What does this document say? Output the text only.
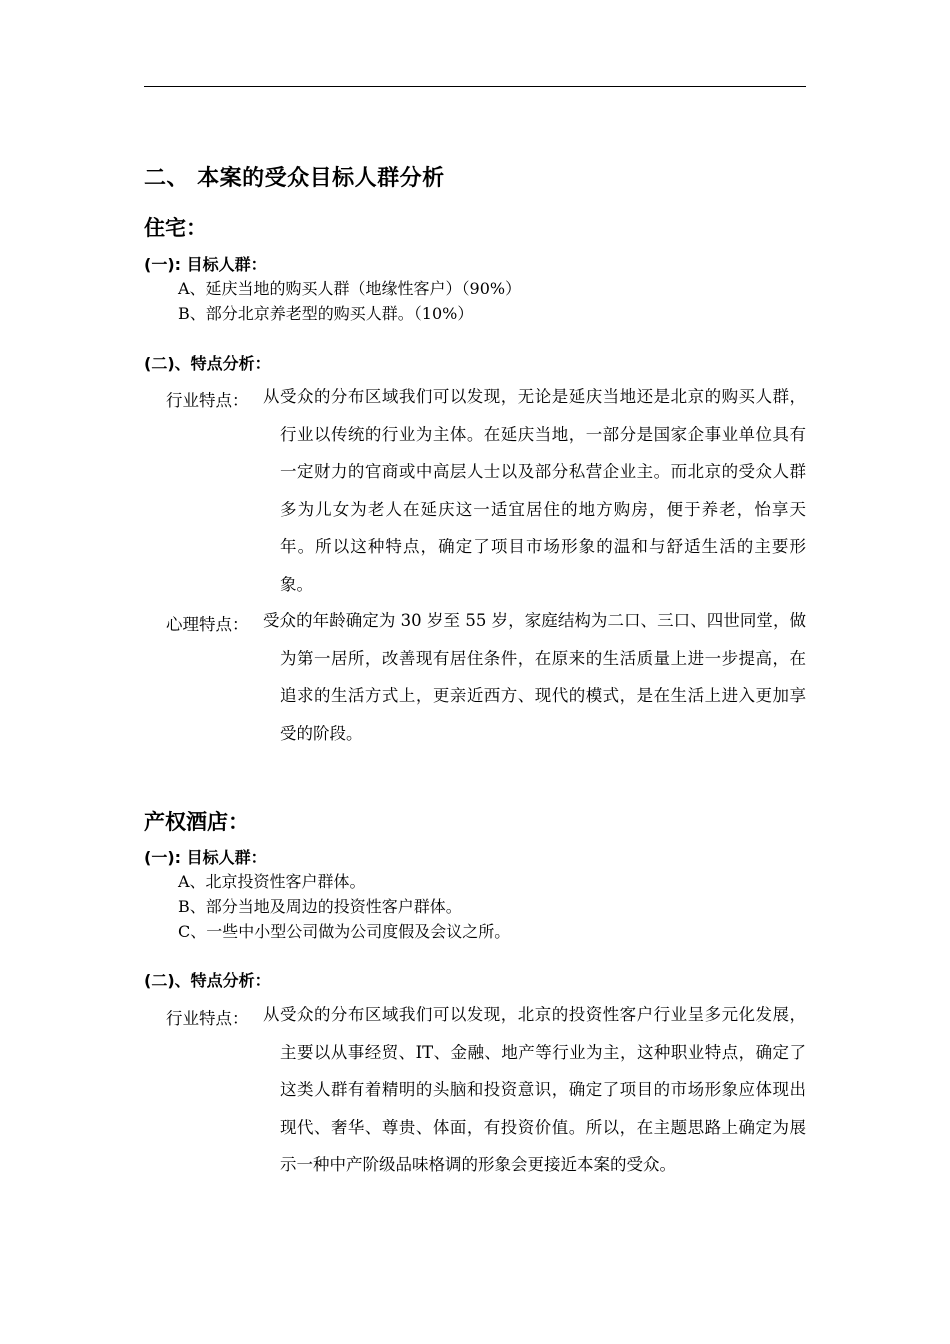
二、 本案的受众目标人群分析
住宅：
(一): 目标人群：
A、延庆当地的购买人群（地缘性客户）（90%）
B、部分北京养老型的购买人群。（10%）
(二)、特点分析：
行业特点： 从受众的分布区域我们可以发现，无论是延庆当地还是北京的购买人群，行业以传统的行业为主体。在延庆当地，一部分是国家企事业单位具有一定财力的官商或中高层人士以及部分私营企业主。而北京的受众人群多为儿女为老人在延庆这一适宜居住的地方购房，便于养老，怡享天年。所以这种特点，确定了项目市场形象的温和与舒适生活的主要形象。
心理特点： 受众的年龄确定为 30 岁至 55 岁，家庭结构为二口、三口、四世同堂，做为第一居所，改善现有居住条件，在原来的生活质量上进一步提高，在追求的生活方式上，更亲近西方、现代的模式，是在生活上进入更加享受的阶段。
产权酒店：
(一): 目标人群：
A、北京投资性客户群体。
B、部分当地及周边的投资性客户群体。
C、一些中小型公司做为公司度假及会议之所。
(二)、特点分析：
行业特点： 从受众的分布区域我们可以发现，北京的投资性客户行业呈多元化发展，主要以从事经贸、IT、金融、地产等行业为主，这种职业特点，确定了这类人群有着精明的头脑和投资意识，确定了项目的市场形象应体现出现代、奢华、尊贵、体面，有投资价值。所以，在主题思路上确定为展示一种中产阶级品味格调的形象会更接近本案的受众。
